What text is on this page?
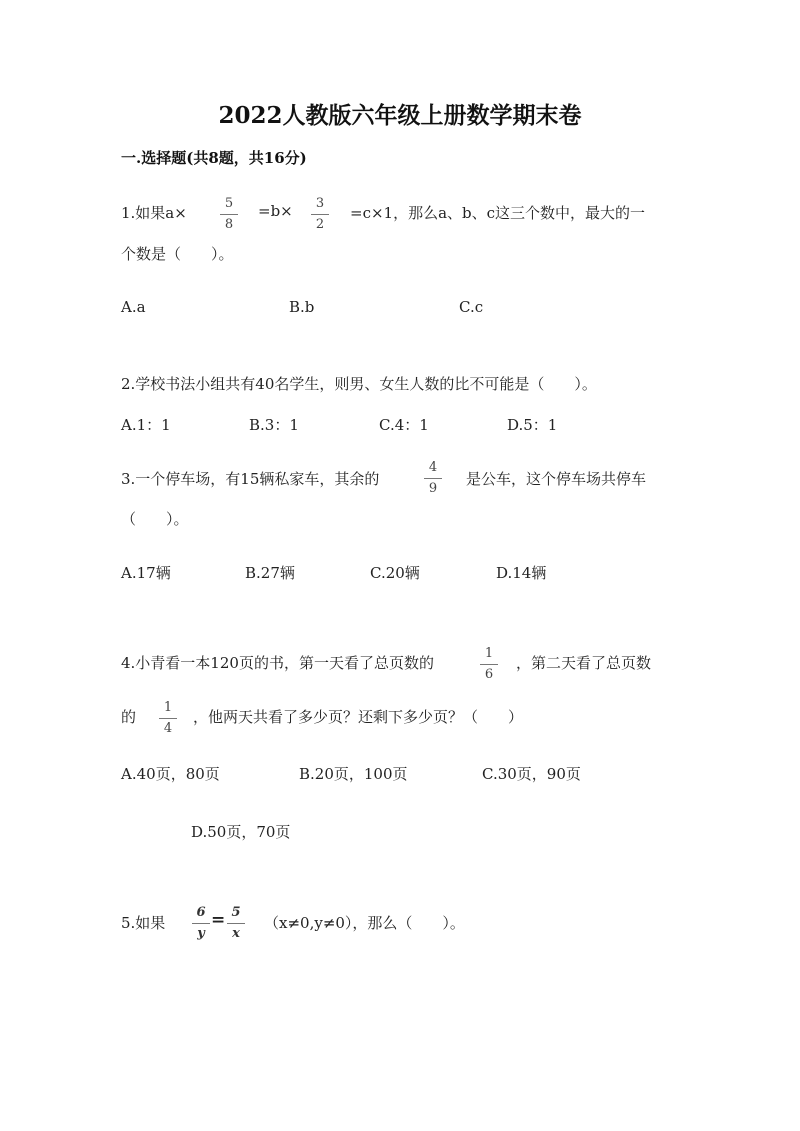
2022人教版六年级上册数学期末卷
一.选择题(共8题，共16分)
1.如果a×
5
8
=b×	3
2
=c×1，那么a、b、c这三个数中，最大的一
个数是（　　）。
A.a	B.b	C.c
2.学校书法小组共有40名学生，则男、女生人数的比不可能是（　　）。
A.1：1	B.3：1	C.4：1	D.5：1
3.一个停车场，有15辆私家车，其余的
4
9
是公车，这个停车场共停车
（　　）。
A.17辆	B.27辆	C.20辆	D.14辆
4.小青看一本120页的书，第一天看了总页数的
1
6
，第二天看了总页数
的
1
4
，他两天共看了多少页？还剩下多少页？（　　）
A.40页，80页	B.20页，100页	C.30页，90页
D.50页，70页
5.如果
6
y
= 5
x
（x≠0,y≠0），那么（　　）。
